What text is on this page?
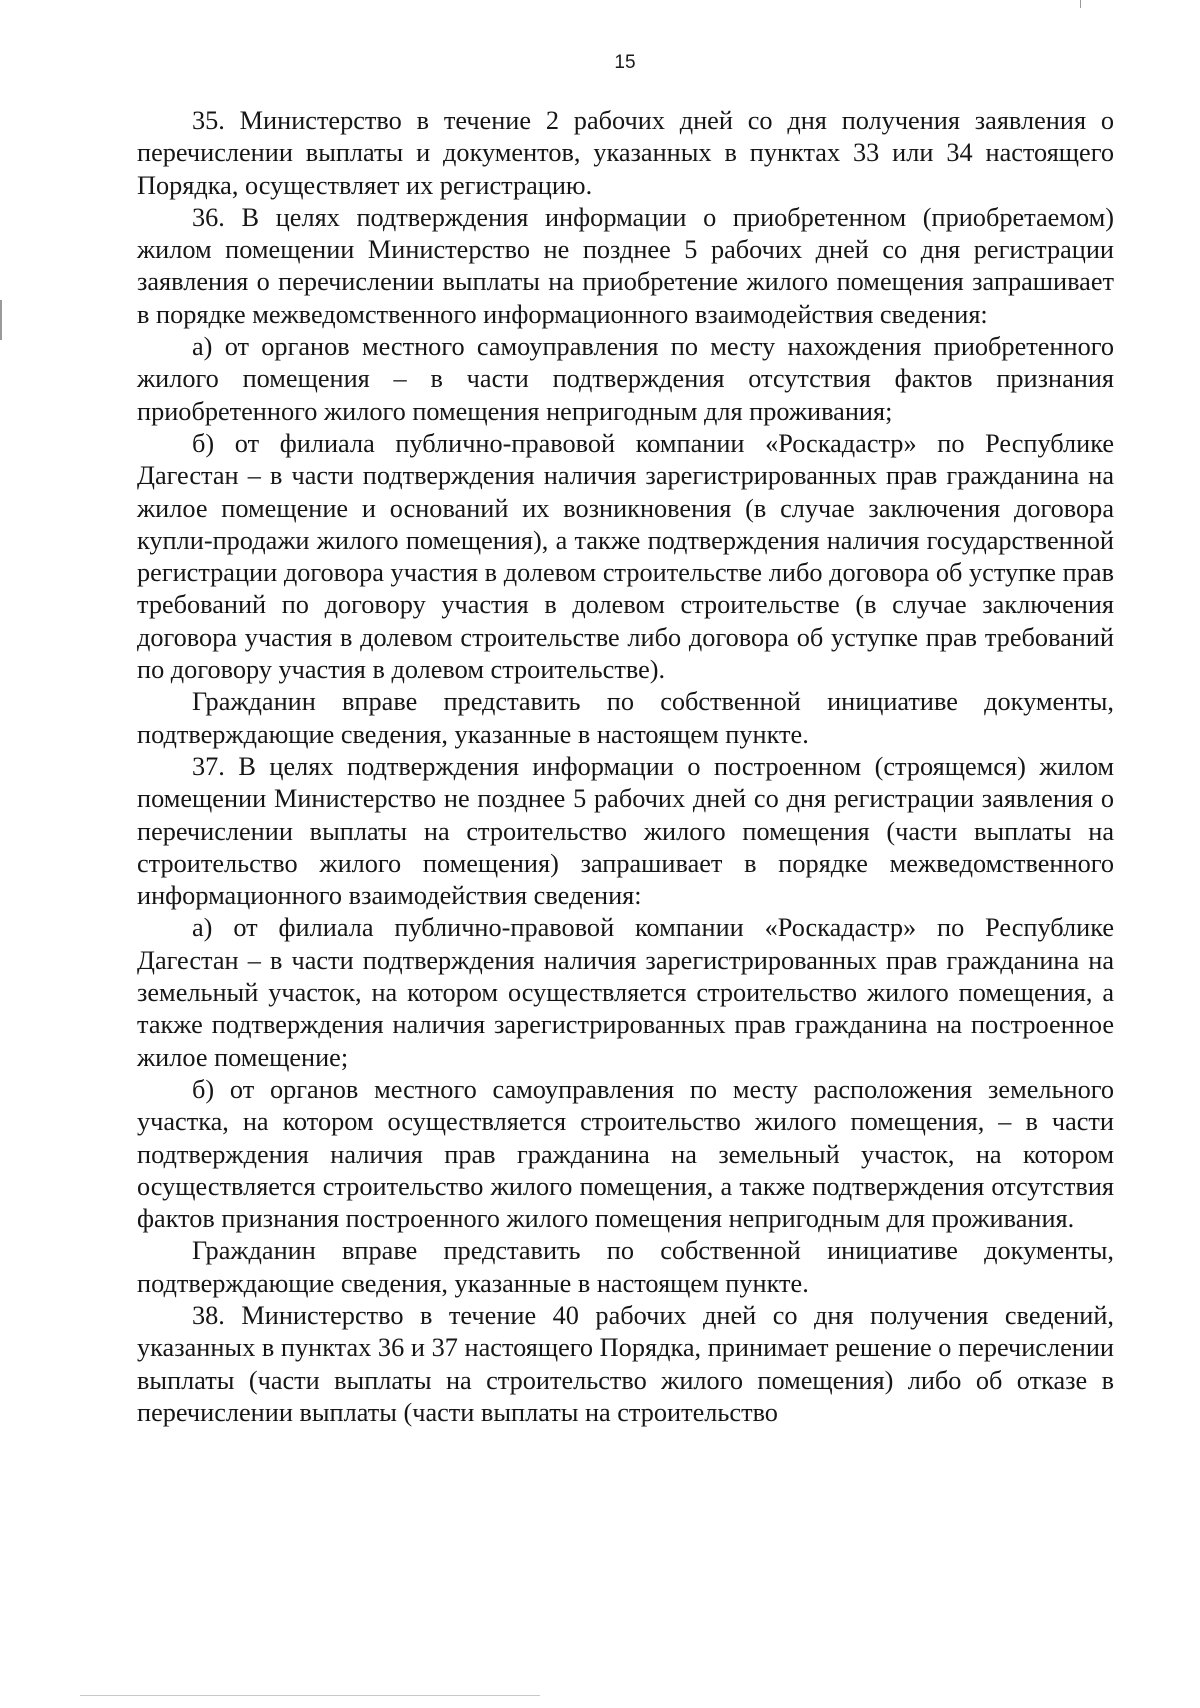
15

35. Министерство в течение 2 рабочих дней со дня получения заявления о перечислении выплаты и документов, указанных в пунктах 33 или 34 настоящего Порядка, осуществляет их регистрацию.

36. В целях подтверждения информации о приобретенном (приобретаемом) жилом помещении Министерство не позднее 5 рабочих дней со дня регистрации заявления о перечислении выплаты на приобретение жилого помещения запрашивает в порядке межведомственного информационного взаимодействия сведения:

а) от органов местного самоуправления по месту нахождения приобретенного жилого помещения – в части подтверждения отсутствия фактов признания приобретенного жилого помещения непригодным для проживания;

б) от филиала публично-правовой компании «Роскадастр» по Республике Дагестан – в части подтверждения наличия зарегистрированных прав гражданина на жилое помещение и оснований их возникновения (в случае заключения договора купли-продажи жилого помещения), а также подтверждения наличия государственной регистрации договора участия в долевом строительстве либо договора об уступке прав требований по договору участия в долевом строительстве (в случае заключения договора участия в долевом строительстве либо договора об уступке прав требований по договору участия в долевом строительстве).

Гражданин вправе представить по собственной инициативе документы, подтверждающие сведения, указанные в настоящем пункте.

37. В целях подтверждения информации о построенном (строящемся) жилом помещении Министерство не позднее 5 рабочих дней со дня регистрации заявления о перечислении выплаты на строительство жилого помещения (части выплаты на строительство жилого помещения) запрашивает в порядке межведомственного информационного взаимодействия сведения:

а) от филиала публично-правовой компании «Роскадастр» по Республике Дагестан – в части подтверждения наличия зарегистрированных прав гражданина на земельный участок, на котором осуществляется строительство жилого помещения, а также подтверждения наличия зарегистрированных прав гражданина на построенное жилое помещение;

б) от органов местного самоуправления по месту расположения земельного участка, на котором осуществляется строительство жилого помещения, – в части подтверждения наличия прав гражданина на земельный участок, на котором осуществляется строительство жилого помещения, а также подтверждения отсутствия фактов признания построенного жилого помещения непригодным для проживания.

Гражданин вправе представить по собственной инициативе документы, подтверждающие сведения, указанные в настоящем пункте.

38. Министерство в течение 40 рабочих дней со дня получения сведений, указанных в пунктах 36 и 37 настоящего Порядка, принимает решение о перечислении выплаты (части выплаты на строительство жилого помещения) либо об отказе в перечислении выплаты (части выплаты на строительство
